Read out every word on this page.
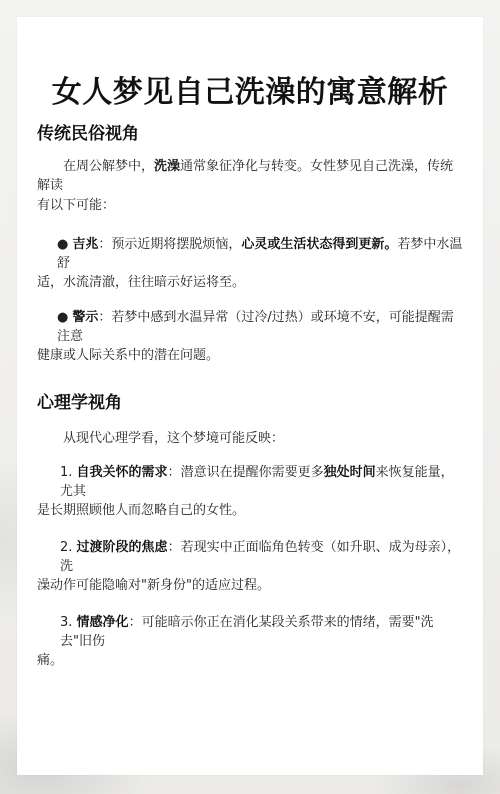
女人梦见自己洗澡的寓意解析
传统民俗视角

在周公解梦中，洗澡通常象征净化与转变。女性梦见自己洗澡，传统解读

有以下可能：

● 吉兆：预示近期将摆脱烦恼，心灵或生活状态得到更新。若梦中水温舒

适，水流清澈，往往暗示好运将至。

● 警示：若梦中感到水温异常（过冷/过热）或环境不安，可能提醒需注意

健康或人际关系中的潜在问题。

心理学视角

从现代心理学看，这个梦境可能反映：

1. 自我关怀的需求：潜意识在提醒你需要更多独处时间来恢复能量，尤其

是长期照顾他人而忽略自己的女性。

2. 过渡阶段的焦虑：若现实中正面临角色转变（如升职、成为母亲），洗

澡动作可能隐喻对"新身份"的适应过程。

3. 情感净化：可能暗示你正在消化某段关系带来的情绪，需要"洗去"旧伤

痛。
